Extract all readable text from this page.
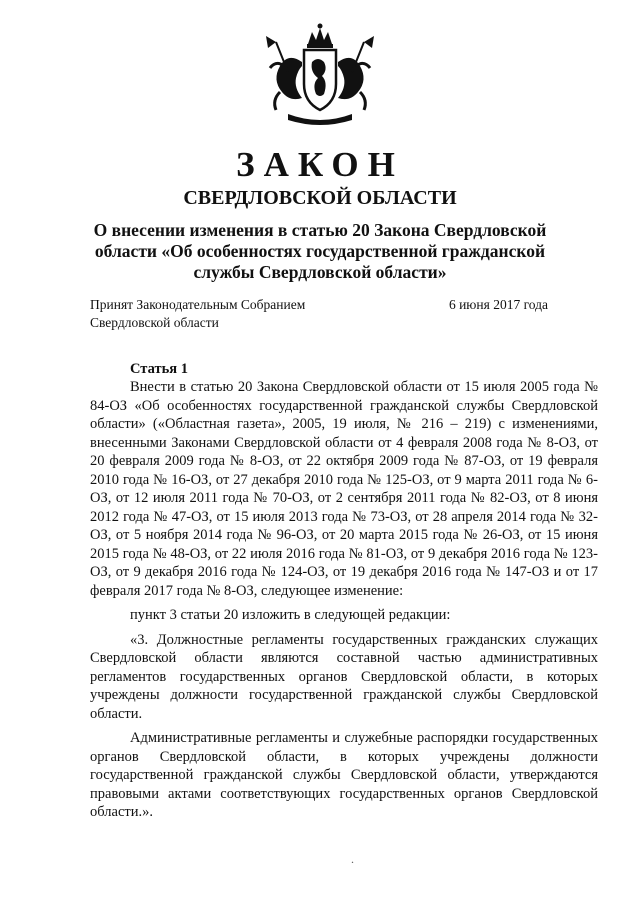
ЗАКОН
СВЕРДЛОВСКОЙ ОБЛАСТИ
О внесении изменения в статью 20 Закона Свердловской области «Об особенностях государственной гражданской службы Свердловской области»
Принят Законодательным Собранием
Свердловской области
6 июня 2017 года
Статья 1

Внести в статью 20 Закона Свердловской области от 15 июля 2005 года № 84-ОЗ «Об особенностях государственной гражданской службы Свердловской области» («Областная газета», 2005, 19 июля, № 216 – 219) с изменениями, внесенными Законами Свердловской области от 4 февраля 2008 года № 8-ОЗ, от 20 февраля 2009 года № 8-ОЗ, от 22 октября 2009 года № 87-ОЗ, от 19 февраля 2010 года № 16-ОЗ, от 27 декабря 2010 года № 125-ОЗ, от 9 марта 2011 года № 6-ОЗ, от 12 июля 2011 года № 70-ОЗ, от 2 сентября 2011 года № 82-ОЗ, от 8 июня 2012 года № 47-ОЗ, от 15 июля 2013 года № 73-ОЗ, от 28 апреля 2014 года № 32-ОЗ, от 5 ноября 2014 года № 96-ОЗ, от 20 марта 2015 года № 26-ОЗ, от 15 июня 2015 года № 48-ОЗ, от 22 июля 2016 года № 81-ОЗ, от 9 декабря 2016 года № 123-ОЗ, от 9 декабря 2016 года № 124-ОЗ, от 19 декабря 2016 года № 147-ОЗ и от 17 февраля 2017 года № 8-ОЗ, следующее изменение:

пункт 3 статьи 20 изложить в следующей редакции:

«3. Должностные регламенты государственных гражданских служащих Свердловской области являются составной частью административных регламентов государственных органов Свердловской области, в которых учреждены должности государственной гражданской службы Свердловской области.

Административные регламенты и служебные распорядки государственных органов Свердловской области, в которых учреждены должности государственной гражданской службы Свердловской области, утверждаются правовыми актами соответствующих государственных органов Свердловской области.».

.
